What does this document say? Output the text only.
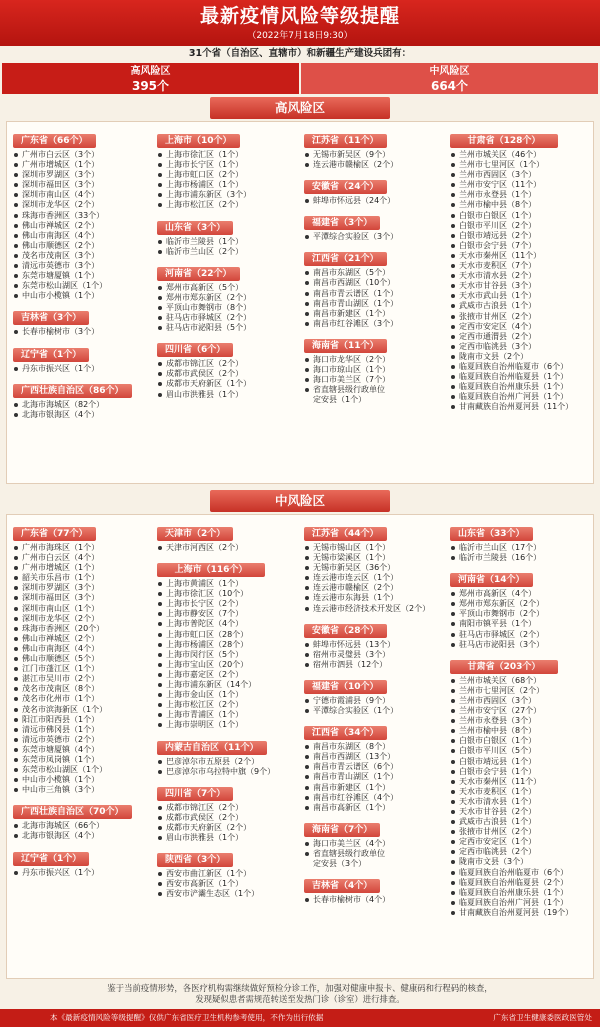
最新疫情风险等级提醒
（2022年7月18日9:30）
31个省（自治区、直辖市）和新疆生产建设兵团有：
高风险区
395个
中风险区
664个
高风险区
广东省（66个）
广州市白云区（3个）
广州市增城区（1个）
深圳市罗湖区（3个）
深圳市福田区（3个）
深圳市南山区（4个）
深圳市龙华区（2个）
珠海市香洲区（33个）
佛山市禅城区（2个）
佛山市南海区（4个）
佛山市顺德区（2个）
茂名市茂南区（3个）
清远市英德市（3个）
东莞市塘厦镇（1个）
东莞市松山湖区（1个）
中山市小榄镇（1个）
吉林省（3个）
长春市榆树市（3个）
辽宁省（1个）
丹东市振兴区（1个）
广西壮族自治区（86个）
北海市海城区（82个）
北海市银海区（4个）
上海市（10个）
上海市徐汇区（1个）
上海市长宁区（1个）
上海市虹口区（2个）
上海市杨浦区（1个）
上海市浦东新区（3个）
上海市松江区（2个）
山东省（3个）
临沂市兰陵县（1个）
临沂市兰山区（2个）
河南省（22个）
郑州市高新区（5个）
郑州市郑东新区（2个）
平顶山市舞钢市（8个）
驻马店市驿城区（2个）
驻马店市泌阳县（5个）
四川省（6个）
成都市锦江区（2个）
成都市武侯区（2个）
成都市天府新区（1个）
眉山市洪雅县（1个）
江苏省（11个）
无锡市新吴区（9个）
连云港市赣榆区（2个）
安徽省（24个）
蚌埠市怀远县（24个）
福建省（3个）
平潭综合实验区（3个）
江西省（21个）
南昌市东湖区（5个）
南昌市西湖区（10个）
南昌市青云谱区（1个）
南昌市青山湖区（1个）
南昌市新建区（1个）
南昌市红谷滩区（3个）
海南省（11个）
海口市龙华区（2个）
海口市琼山区（1个）
海口市美兰区（7个）
省直辖县级行政单位
定安县（1个）
甘肃省（128个）
兰州市城关区（46个）
兰州市七里河区（1个）
兰州市西固区（3个）
兰州市安宁区（11个）
兰州市永登县（1个）
兰州市榆中县（8个）
白银市白银区（1个）
白银市平川区（2个）
白银市靖远县（2个）
白银市会宁县（7个）
天水市秦州区（11个）
天水市麦积区（7个）
天水市清水县（2个）
天水市甘谷县（3个）
天水市武山县（1个）
武威市古浪县（1个）
张掖市甘州区（2个）
定西市安定区（4个）
定西市通渭县（2个）
定西市临洮县（3个）
陇南市文县（2个）
临夏回族自治州临夏市（6个）
临夏回族自治州临夏县（1个）
临夏回族自治州康乐县（1个）
临夏回族自治州广河县（1个）
甘南藏族自治州夏河县（11个）
中风险区
广东省（77个）
广州市海珠区（1个）
广州市白云区（4个）
广州市增城区（1个）
韶关市乐昌市（1个）
深圳市罗湖区（3个）
深圳市福田区（3个）
深圳市南山区（1个）
深圳市龙华区（2个）
珠海市香洲区（20个）
佛山市禅城区（2个）
佛山市南海区（4个）
佛山市顺德区（5个）
江门市蓬江区（1个）
湛江市吴川市（2个）
茂名市茂南区（8个）
茂名市化州市（1个）
茂名市滨海新区（1个）
阳江市阳西县（1个）
清远市佛冈县（1个）
清远市英德市（2个）
东莞市塘厦镇（4个）
东莞市凤岗镇（1个）
东莞市松山湖区（1个）
中山市小榄镇（1个）
中山市三角镇（3个）
广西壮族自治区（70个）
北海市海城区（66个）
北海市银海区（4个）
辽宁省（1个）
丹东市振兴区（1个）
天津市（2个）
天津市河西区（2个）
上海市（116个）
上海市黄浦区（1个）
上海市徐汇区（10个）
上海市长宁区（2个）
上海市静安区（7个）
上海市普陀区（4个）
上海市虹口区（28个）
上海市杨浦区（28个）
上海市闵行区（5个）
上海市宝山区（20个）
上海市嘉定区（2个）
上海市浦东新区（14个）
上海市金山区（1个）
上海市松江区（2个）
上海市青浦区（1个）
上海市崇明区（1个）
内蒙古自治区（11个）
巴彦淖尔市五原县（2个）
巴彦淖尔市乌拉特中旗（9个）
四川省（7个）
成都市锦江区（2个）
成都市武侯区（2个）
成都市天府新区（2个）
眉山市洪雅县（1个）
陕西省（3个）
西安市曲江新区（1个）
西安市高新区（1个）
西安市浐灞生态区（1个）
江苏省（44个）
无锡市锡山区（1个）
无锡市梁溪区（1个）
无锡市新吴区（36个）
连云港市连云区（1个）
连云港市赣榆区（2个）
连云港市东海县（1个）
连云港市经济技术开发区（2个）
安徽省（28个）
蚌埠市怀远县（13个）
宿州市灵璧县（3个）
宿州市泗县（12个）
福建省（10个）
宁德市霞浦县（9个）
平潭综合实验区（1个）
江西省（34个）
南昌市东湖区（8个）
南昌市西湖区（13个）
南昌市青云谱区（6个）
南昌市青山湖区（1个）
南昌市新建区（1个）
南昌市红谷滩区（4个）
南昌市高新区（1个）
海南省（7个）
海口市美兰区（4个）
省直辖县级行政单位
定安县（3个）
吉林省（4个）
长春市榆树市（4个）
山东省（33个）
临沂市兰山区（17个）
临沂市兰陵县（16个）
河南省（14个）
郑州市高新区（4个）
郑州市郑东新区（2个）
平顶山市舞钢市（2个）
南阳市镇平县（1个）
驻马店市驿城区（2个）
驻马店市泌阳县（3个）
甘肃省（203个）
兰州市城关区（68个）
兰州市七里河区（2个）
兰州市西固区（3个）
兰州市安宁区（27个）
兰州市永登县（3个）
兰州市榆中县（8个）
白银市白银区（1个）
白银市平川区（5个）
白银市靖远县（1个）
白银市会宁县（1个）
天水市秦州区（11个）
天水市麦积区（1个）
天水市清水县（1个）
天水市甘谷县（2个）
武威市古浪县（1个）
张掖市甘州区（2个）
定西市安定区（1个）
定西市临洮县（2个）
陇南市文县（3个）
临夏回族自治州临夏市（6个）
临夏回族自治州临夏县（2个）
临夏回族自治州康乐县（1个）
临夏回族自治州广河县（1个）
甘南藏族自治州夏河县（19个）
鉴于当前疫情形势，各医疗机构需继续做好预检分诊工作，加强对健康申报卡、健康码和行程码的核查，
发现疑似患者需规范转送至发热门诊（诊室）进行排查。
本《最新疫情风险等级提醒》仅供广东省医疗卫生机构参考使用，不作为出行依据	广东省卫生健康委医政医管处
